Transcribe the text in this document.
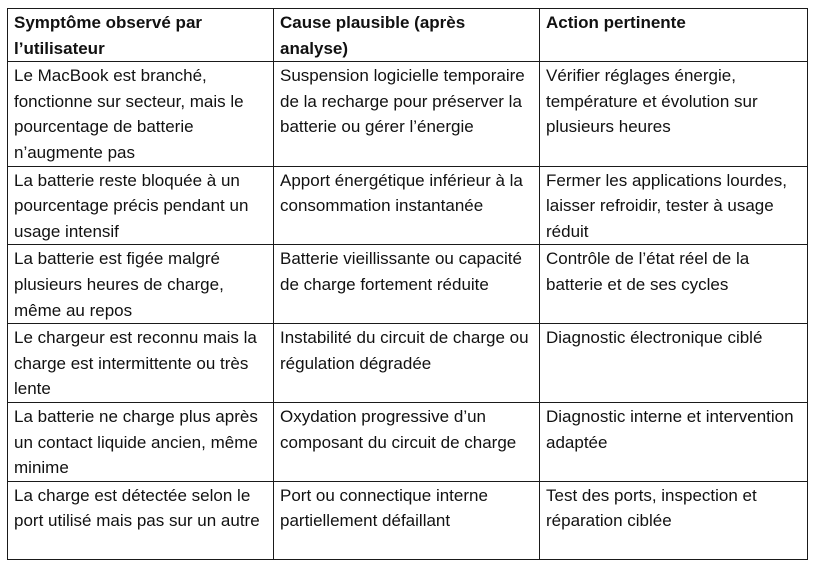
Symptôme observé par l’utilisateur	Cause plausible (après analyse)	Action pertinente
Le MacBook est branché, fonctionne sur secteur, mais le pourcentage de batterie n’augmente pas	Suspension logicielle temporaire de la recharge pour préserver la batterie ou gérer l’énergie	Vérifier réglages énergie, température et évolution sur plusieurs heures
La batterie reste bloquée à un pourcentage précis pendant un usage intensif	Apport énergétique inférieur à la consommation instantanée	Fermer les applications lourdes, laisser refroidir, tester à usage réduit
La batterie est figée malgré plusieurs heures de charge, même au repos	Batterie vieillissante ou capacité de charge fortement réduite	Contrôle de l’état réel de la batterie et de ses cycles
Le chargeur est reconnu mais la charge est intermittente ou très lente	Instabilité du circuit de charge ou régulation dégradée	Diagnostic électronique ciblé
La batterie ne charge plus après un contact liquide ancien, même minime	Oxydation progressive d’un composant du circuit de charge	Diagnostic interne et intervention adaptée
La charge est détectée selon le port utilisé mais pas sur un autre	Port ou connectique interne partiellement défaillant	Test des ports, inspection et réparation ciblée
